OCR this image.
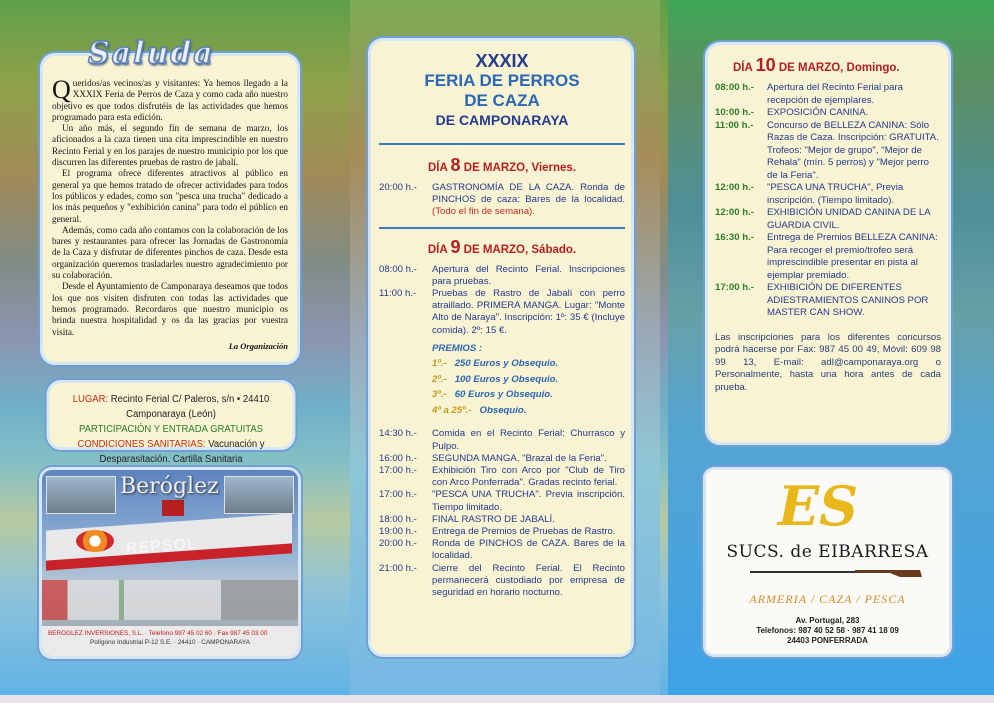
Queridos/as vecinos/as y visitantes: Ya hemos llegado a la XXXIX Feria de Perros de Caza y como cada año nuestro objetivo es que todos disfrutéis de las actividades que hemos programado para esta edición.

Un año más, el segundo fin de semana de marzo, los aficionados a la caza tienen una cita imprescindible en nuestro Recinto Ferial y en los parajes de nuestro municipio por los que discurren las diferentes pruebas de rastro de jabalí.

El programa ofrece diferentes atractivos al público en general ya que hemos tratado de ofrecer actividades para todos los públicos y edades, como son "pesca una trucha" dedicado a los más pequeños y "exhibición canina" para todo el público en general.

Además, como cada año contamos con la colaboración de los bares y restaurantes para ofrecer las Jornadas de Gastronomía de la Caza y disfrutar de diferentes pinchos de caza. Desde esta organización queremos trasladarles nuestro agradecimiento por su colaboración.

Desde el Ayuntamiento de Camponaraya deseamos que todos los que nos visiten disfruten con todas las actividades que hemos programado. Recordaros que nuestro municipio os brinda nuestra hospitalidad y os da las gracias por vuestra visita.

La Organización
Saluda
LUGAR: Recinto Ferial C/ Paleros, s/n • 24410 Camponaraya (León)
PARTICIPACIÓN Y ENTRADA GRATUITAS
CONDICIONES SANITARIAS: Vacunación y Desparasitación. Cartilla Sanitaria
Beróglez
REPSOL
BEROGLEZ INVERSIONES, S.L. · Telefono 987 45 02 60 · Fax 987 45 03 00
Polígono Industrial P-12 S.E. · 24410 · CAMPONARAYA
XXXIX
FERIA DE PERROS
DE CAZA
DE CAMPONARAYA
DÍA 8 DE MARZO, Viernes.
20:00 h.-	GASTRONOMÍA DE LA CAZA. Ronda de PINCHOS de caza: Bares de la localidad. (Todo el fin de semana).
DÍA 9 DE MARZO, Sábado.
08:00 h.-	Apertura del Recinto Ferial. Inscripciones para pruebas.
11:00 h.-	Pruebas de Rastro de Jabalí con perro atraillado. PRIMERA MANGA. Lugar: "Monte Alto de Naraya". Inscripción: 1º: 35 € (Incluye comida). 2º: 15 €.
PREMIOS :
1º.- 250 Euros y Obsequio.
2º.- 100 Euros y Obsequio.
3º.- 60 Euros y Obsequio.
4º a 25º.- Obsequio.
14:30 h.-	Comida en el Recinto Ferial: Churrasco y Pulpo.
16:00 h.-	SEGUNDA MANGA. "Brazal de la Feria".
17:00 h.-	Exhibición Tiro con Arco por "Club de Tiro con Arco Ponferrada". Gradas recinto ferial.
17:00 h.-	"PESCA UNA TRUCHA". Previa inscripción. Tiempo limitado.
18:00 h.-	FINAL RASTRO DE JABALÍ.
19:00 h.-	Entrega de Premios de Pruebas de Rastro.
20:00 h.-	Ronda de PINCHOS de CAZA. Bares de la localidad.
21:00 h.-	Cierre del Recinto Ferial. El Recinto permanecerá custodiado por empresa de seguridad en horario nocturno.
DÍA 10 DE MARZO, Domingo.
08:00 h.-	Apertura del Recinto Ferial para recepción de ejemplares.
10:00 h.-	EXPOSICIÓN CANINA.
11:00 h.-	Concurso de BELLEZA CANINA: Sólo Razas de Caza. Inscripción: GRATUITA. Trofeos: "Mejor de grupo", "Mejor de Rehala" (mín. 5 perros) y "Mejor perro de la Feria".
12:00 h.-	"PESCA UNA TRUCHA", Previa inscripción. (Tiempo limitado).
12:00 h.-	EXHIBICIÓN UNIDAD CANINA DE LA GUARDIA CIVIL.
16:30 h.-	Entrega de Premios BELLEZA CANINA: Para recoger el premio/trofeo será imprescindible presentar en pista al ejemplar premiado.
17:00 h.-	EXHIBICIÓN DE DIFERENTES ADIESTRAMIENTOS CANINOS POR MASTER CAN SHOW.
Las inscripciones para los diferentes concursos podrá hacerse por Fax: 987 45 00 49, Móvil: 609 98 99 13, E-mail: adl@camponaraya.org o Personalmente, hasta una hora antes de cada prueba.
ES
SUCS. de EIBARRESA
ARMERIA / CAZA / PESCA
Av. Portugal, 283
Telefonos: 987 40 52 58 · 987 41 18 09
24403 PONFERRADA
